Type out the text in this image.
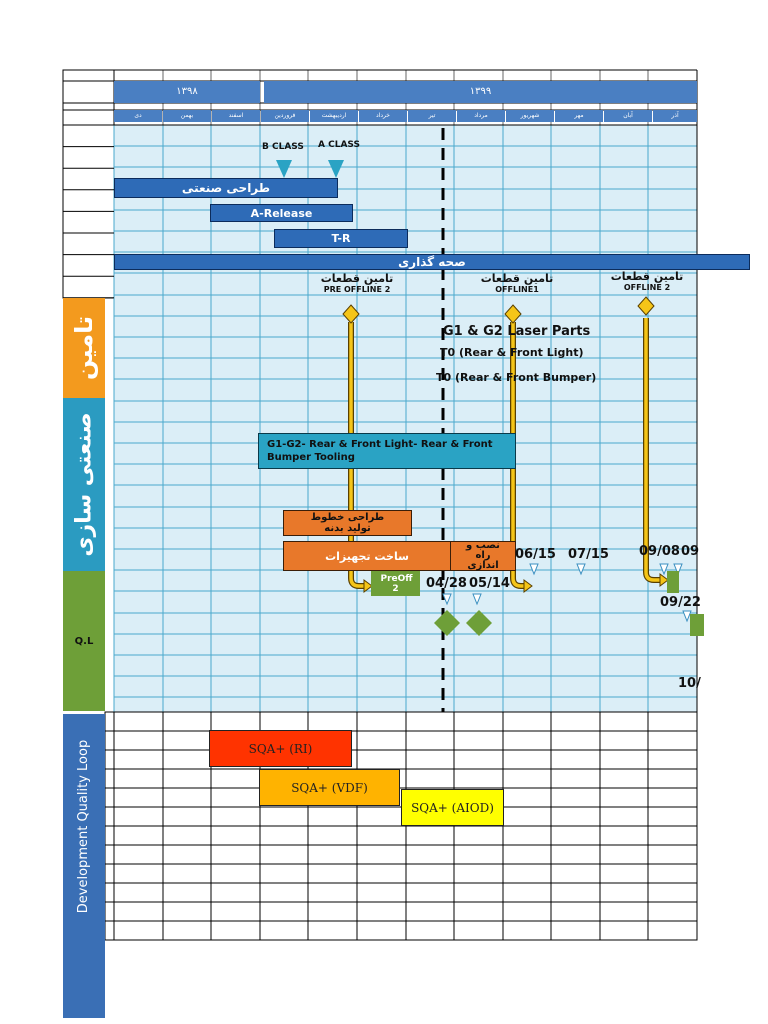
۱۳۹۸	۱۳۹۹
دی	بهمن	اسفند	فروردین	اردیبهشت	خرداد	تیر	مرداد	شهریور	مهر	آبان	آذر
تامین
صنعتی سازی
Q.L
Development Quality Loop
B CLASS A CLASS
طراحی صنعتی
A-Release
T-R
صحه گذاری
تامین قطعات
PRE OFFLINE 2
تامین قطعات
OFFLINE1
تامین قطعات
OFFLINE 2
G1-G2- Rear & Front Light- Rear & Front Bumper Tooling
طراحی خطوط تولید بدنه
ساخت تجهیزات
نصب و راه اندازی
PreOff 2
G1 & G2 Laser Parts
T0 (Rear & Front Light)
T0 (Rear & Front Bumper)
04/28 05/14
06/15 07/15 09/08 09
09/22
10/
SQA+ (RI)
SQA+ (VDF)
SQA+ (AIOD)
